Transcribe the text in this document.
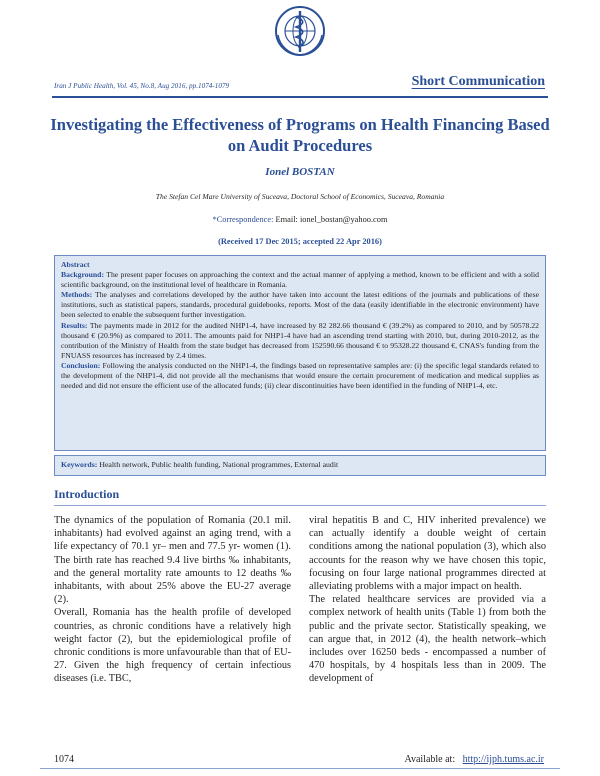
Iran J Public Health, Vol. 45, No.8, Aug 2016, pp.1074-1079	Short Communication
Investigating the Effectiveness of Programs on Health Financing Based on Audit Procedures
Ionel BOSTAN
The Stefan Cel Mare University of Suceava, Doctoral School of Economics, Suceava, Romania
*Correspondence: Email: ionel_bostan@yahoo.com
(Received 17 Dec 2015; accepted 22 Apr 2016)

Abstract

Background: The present paper focuses on approaching the context and the actual manner of applying a method, known to be efficient and with a solid scientific background, on the institutional level of healthcare in Romania.

Methods: The analyses and correlations developed by the author have taken into account the latest editions of the journals and publications of these institutions, such as statistical papers, standards, procedural guidebooks, reports. Most of the data (easily identifiable in the electronic environment) have been selected to enable the subsequent further investigation.

Results: The payments made in 2012 for the audited NHP1-4, have increased by 82 282.66 thousand € (39.2%) as compared to 2010, and by 50578.22 thousand € (20.9%) as compared to 2011. The amounts paid for NHP1-4 have had an ascending trend starting with 2010, but, during 2010-2012, as the contribution of the Ministry of Health from the state budget has decreased from 152590.66 thousand € to 95328.22 thousand €, CNAS's funding from the FNUASS resources has increased by 2.4 times.

Conclusion: Following the analysis conducted on the NHP1-4, the findings based on representative samples are: (i) the specific legal standards related to the development of the NHP1-4, did not provide all the mechanisms that would ensure the certain procurement of medication and medical supplies as needed and did not ensure the efficient use of the allocated funds; (ii) clear discontinuities have been identified in the funding of NHP1-4, etc.

Keywords: Health network, Public health funding, National programmes, External audit
Introduction

The dynamics of the population of Romania (20.1 mil. inhabitants) had evolved against an aging trend, with a life expectancy of 70.1 yr– men and 77.5 yr- women (1). The birth rate has reached 9.4 live births ‰ inhabitants, and the general mortality rate amounts to 12 deaths ‰ inhabitants, with about 25% above the EU-27 average (2).

Overall, Romania has the health profile of developed countries, as chronic conditions have a relatively high weight factor (2), but the epidemiological profile of chronic conditions is more unfavourable than that of EU-27. Given the high frequency of certain infectious diseases (i.e. TBC,

viral hepatitis B and C, HIV inherited prevalence) we can actually identify a double weight of certain conditions among the national population (3), which also accounts for the reason why we have chosen this topic, focusing on four large national programmes directed at alleviating problems with a major impact on health.

The related healthcare services are provided via a complex network of health units (Table 1) from both the public and the private sector. Statistically speaking, we can argue that, in 2012 (4), the health network–which includes over 16250 beds - encompassed a number of 470 hospitals, by 4 hospitals less than in 2009. The development of

1074	Available at: http://ijph.tums.ac.ir
